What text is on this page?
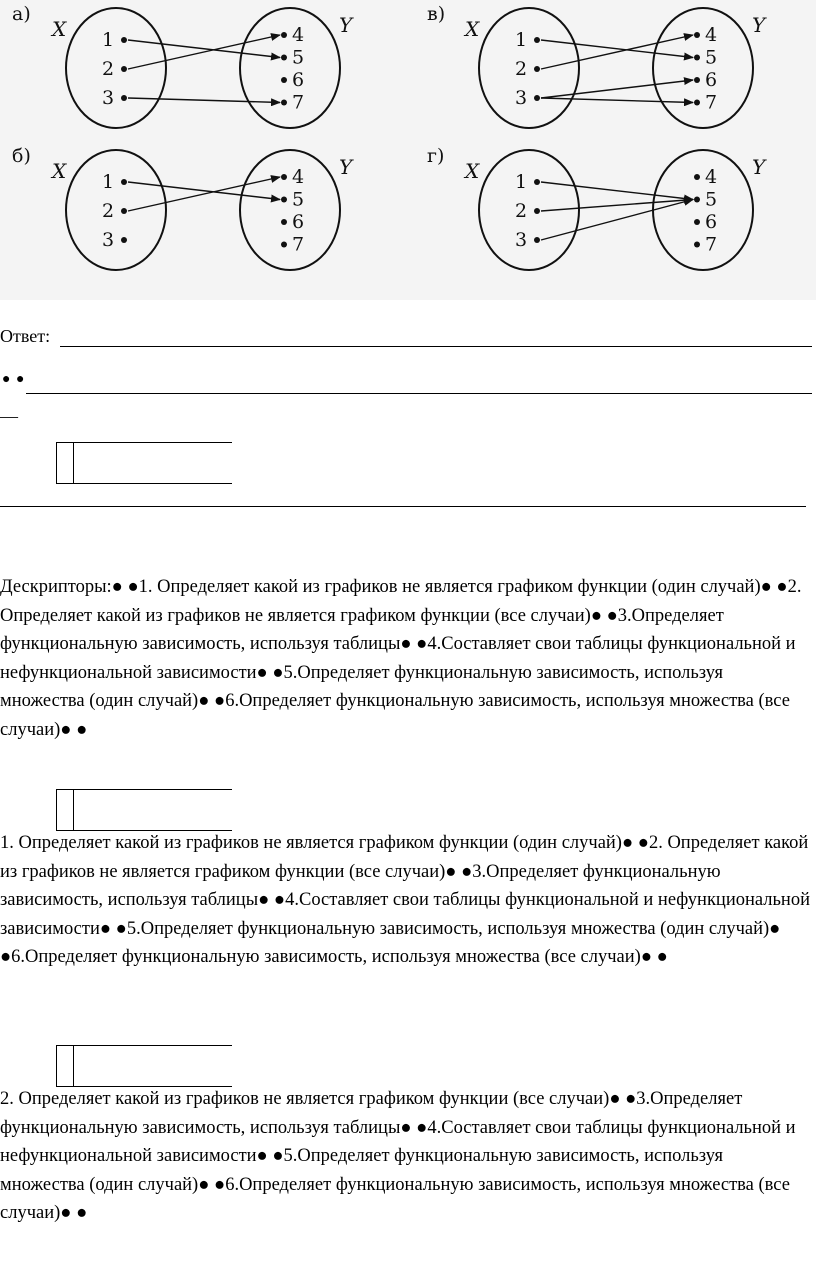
а)
X	Y
1
2
3
4
5
6
7
в)
X	Y
1
2
3
4
5
6
7
б)
X	Y
1
2
3
4
5
6
7
г)
X	Y
1
2
3
4
5
6
7
Ответ:
● ●
—
Дескрипторы:● ●1. Определяет какой из графиков не является графиком функции (один случай)● ●2. Определяет какой из графиков не является графиком функции (все случаи)● ●3.Определяет функциональную зависимость, используя таблицы● ●4.Составляет свои таблицы функциональной и нефункциональной зависимости● ●5.Определяет функциональную зависимость, используя множества (один случай)● ●6.Определяет функциональную зависимость, используя множества (все случаи)● ●
1. Определяет какой из графиков не является графиком функции (один случай)● ●2. Определяет какой из графиков не является графиком функции (все случаи)● ●3.Определяет функциональную зависимость, используя таблицы● ●4.Составляет свои таблицы функциональной и нефункциональной зависимости● ●5.Определяет функциональную зависимость, используя множества (один случай)● ●6.Определяет функциональную зависимость, используя множества (все случаи)● ●
2. Определяет какой из графиков не является графиком функции (все случаи)● ●3.Определяет функциональную зависимость, используя таблицы● ●4.Составляет свои таблицы функциональной и нефункциональной зависимости● ●5.Определяет функциональную зависимость, используя множества (один случай)● ●6.Определяет функциональную зависимость, используя множества (все случаи)● ●
